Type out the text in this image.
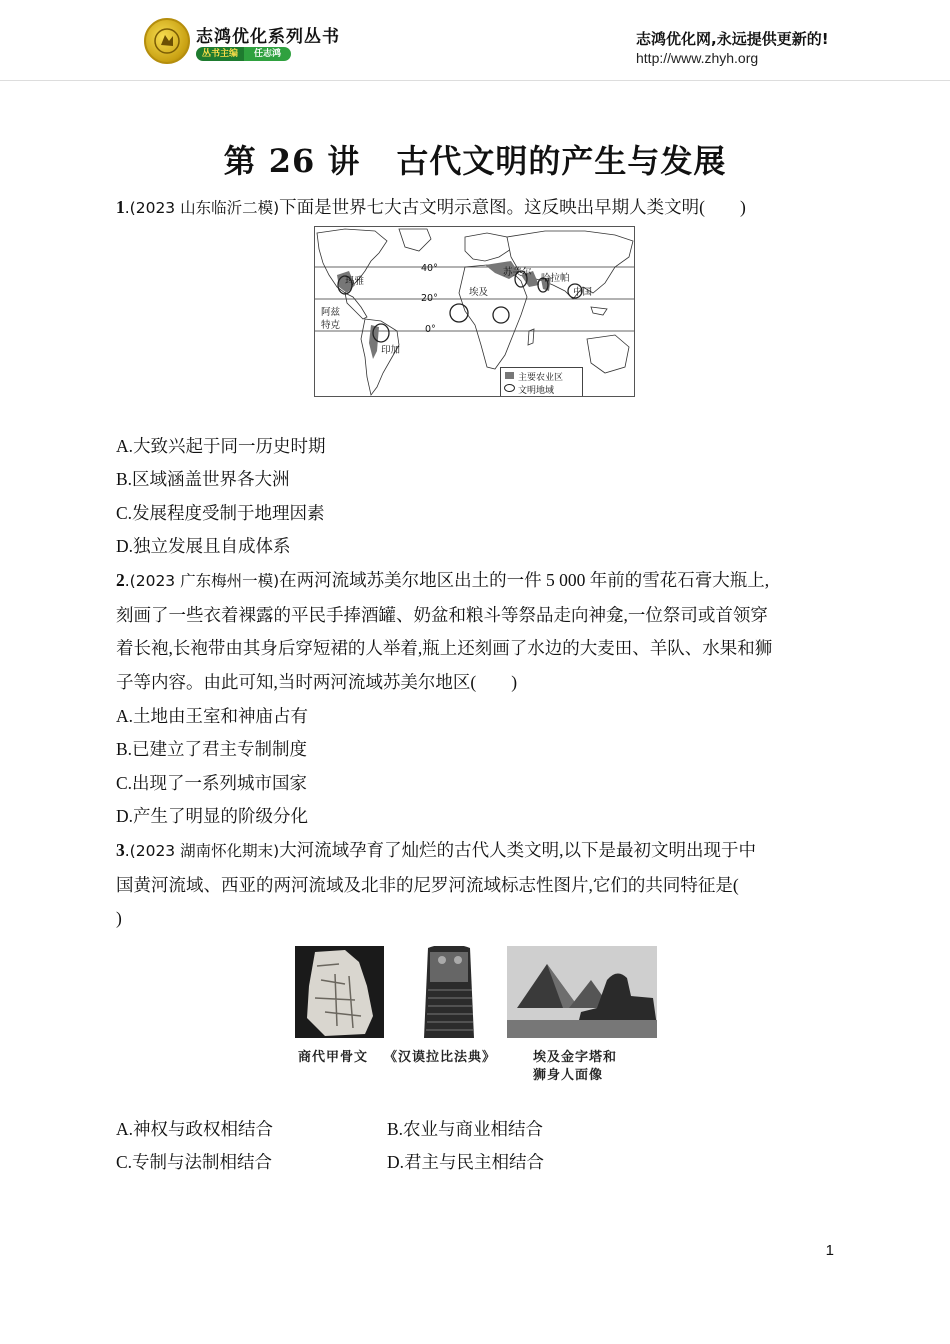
志鸿优化系列丛书
丛书主编	任志鸿
志鸿优化网,永远提供更新的!
http://www.zhyh.org
第 26 讲 古代文明的产生与发展
1.(2023 山东临沂二模)下面是世界七大古文明示意图。这反映出早期人类文明(　　)
40°
20°
0°
玛雅
阿兹
特克
印加
苏美尔
埃及
哈拉帕
中国
主要农业区
文明地域
A.大致兴起于同一历史时期
B.区域涵盖世界各大洲
C.发展程度受制于地理因素
D.独立发展且自成体系
2.(2023 广东梅州一模)在两河流域苏美尔地区出土的一件 5 000 年前的雪花石膏大瓶上,
刻画了一些衣着裸露的平民手捧酒罐、奶盆和粮斗等祭品走向神龛,一位祭司或首领穿
着长袍,长袍带由其身后穿短裙的人举着,瓶上还刻画了水边的大麦田、羊队、水果和狮
子等内容。由此可知,当时两河流域苏美尔地区(　　)
A.土地由王室和神庙占有
B.已建立了君主专制制度
C.出现了一系列城市国家
D.产生了明显的阶级分化
3.(2023 湖南怀化期末)大河流域孕育了灿烂的古代人类文明,以下是最初文明出现于中
国黄河流域、西亚的两河流域及北非的尼罗河流域标志性图片,它们的共同特征是(
)
商代甲骨文 《汉谟拉比法典》	埃及金字塔和
狮身人面像
A.神权与政权相结合	B.农业与商业相结合
C.专制与法制相结合	D.君主与民主相结合
1
